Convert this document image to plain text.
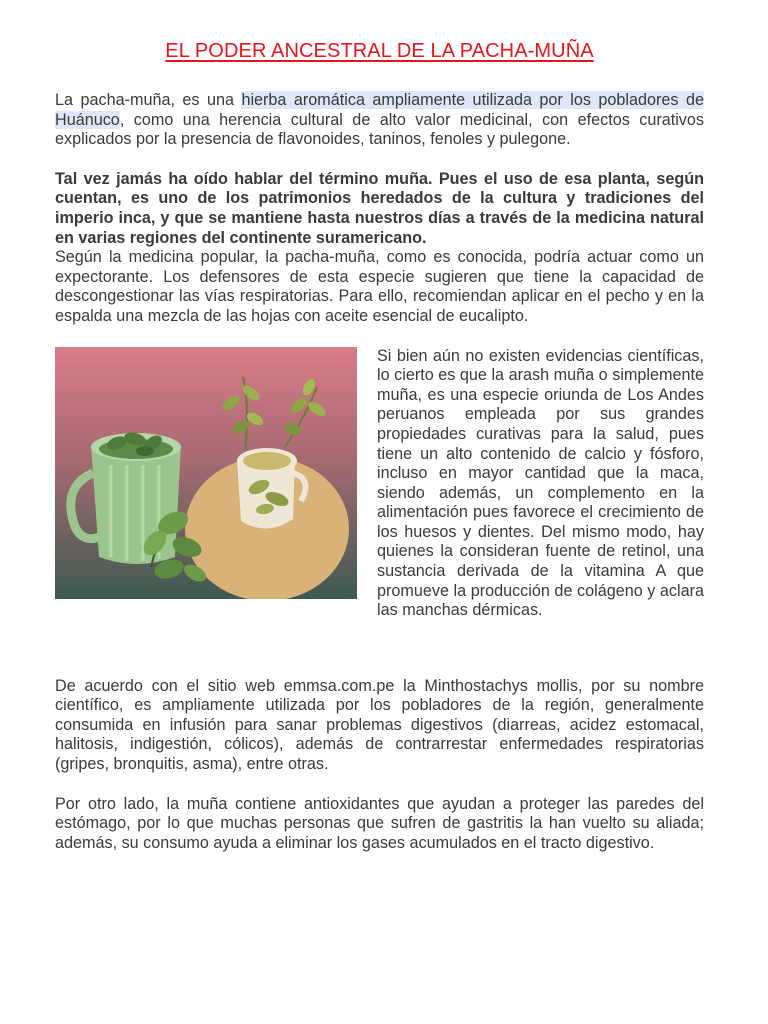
EL PODER ANCESTRAL DE LA PACHA-MUÑA

La pacha-muña, es una hierba aromática ampliamente utilizada por los pobladores de Huánuco, como una herencia cultural de alto valor medicinal, con efectos curativos explicados por la presencia de flavonoides, taninos, fenoles y pulegone.

Tal vez jamás ha oído hablar del término muña. Pues el uso de esa planta, según cuentan, es uno de los patrimonios heredados de la cultura y tradiciones del imperio inca, y que se mantiene hasta nuestros días a través de la medicina natural en varias regiones del continente suramericano.

Según la medicina popular, la pacha-muña, como es conocida, podría actuar como un expectorante. Los defensores de esta especie sugieren que tiene la capacidad de descongestionar las vías respiratorias. Para ello, recomiendan aplicar en el pecho y en la espalda una mezcla de las hojas con aceite esencial de eucalipto.

Si bien aún no existen evidencias científicas, lo cierto es que la arash muña o simplemente muña, es una especie oriunda de Los Andes peruanos empleada por sus grandes propiedades curativas para la salud, pues tiene un alto contenido de calcio y fósforo, incluso en mayor cantidad que la maca, siendo además, un complemento en la alimentación pues favorece el crecimiento de los huesos y dientes. Del mismo modo, hay quienes la consideran fuente de retinol, una sustancia derivada de la vitamina A que promueve la producción de colágeno y aclara las manchas dérmicas.

De acuerdo con el sitio web emmsa.com.pe la Minthostachys mollis, por su nombre científico, es ampliamente utilizada por los pobladores de la región, generalmente consumida en infusión para sanar problemas digestivos (diarreas, acidez estomacal, halitosis, indigestión, cólicos), además de contrarrestar enfermedades respiratorias (gripes, bronquitis, asma), entre otras.

Por otro lado, la muña contiene antioxidantes que ayudan a proteger las paredes del estómago, por lo que muchas personas que sufren de gastritis la han vuelto su aliada; además, su consumo ayuda a eliminar los gases acumulados en el tracto digestivo.
